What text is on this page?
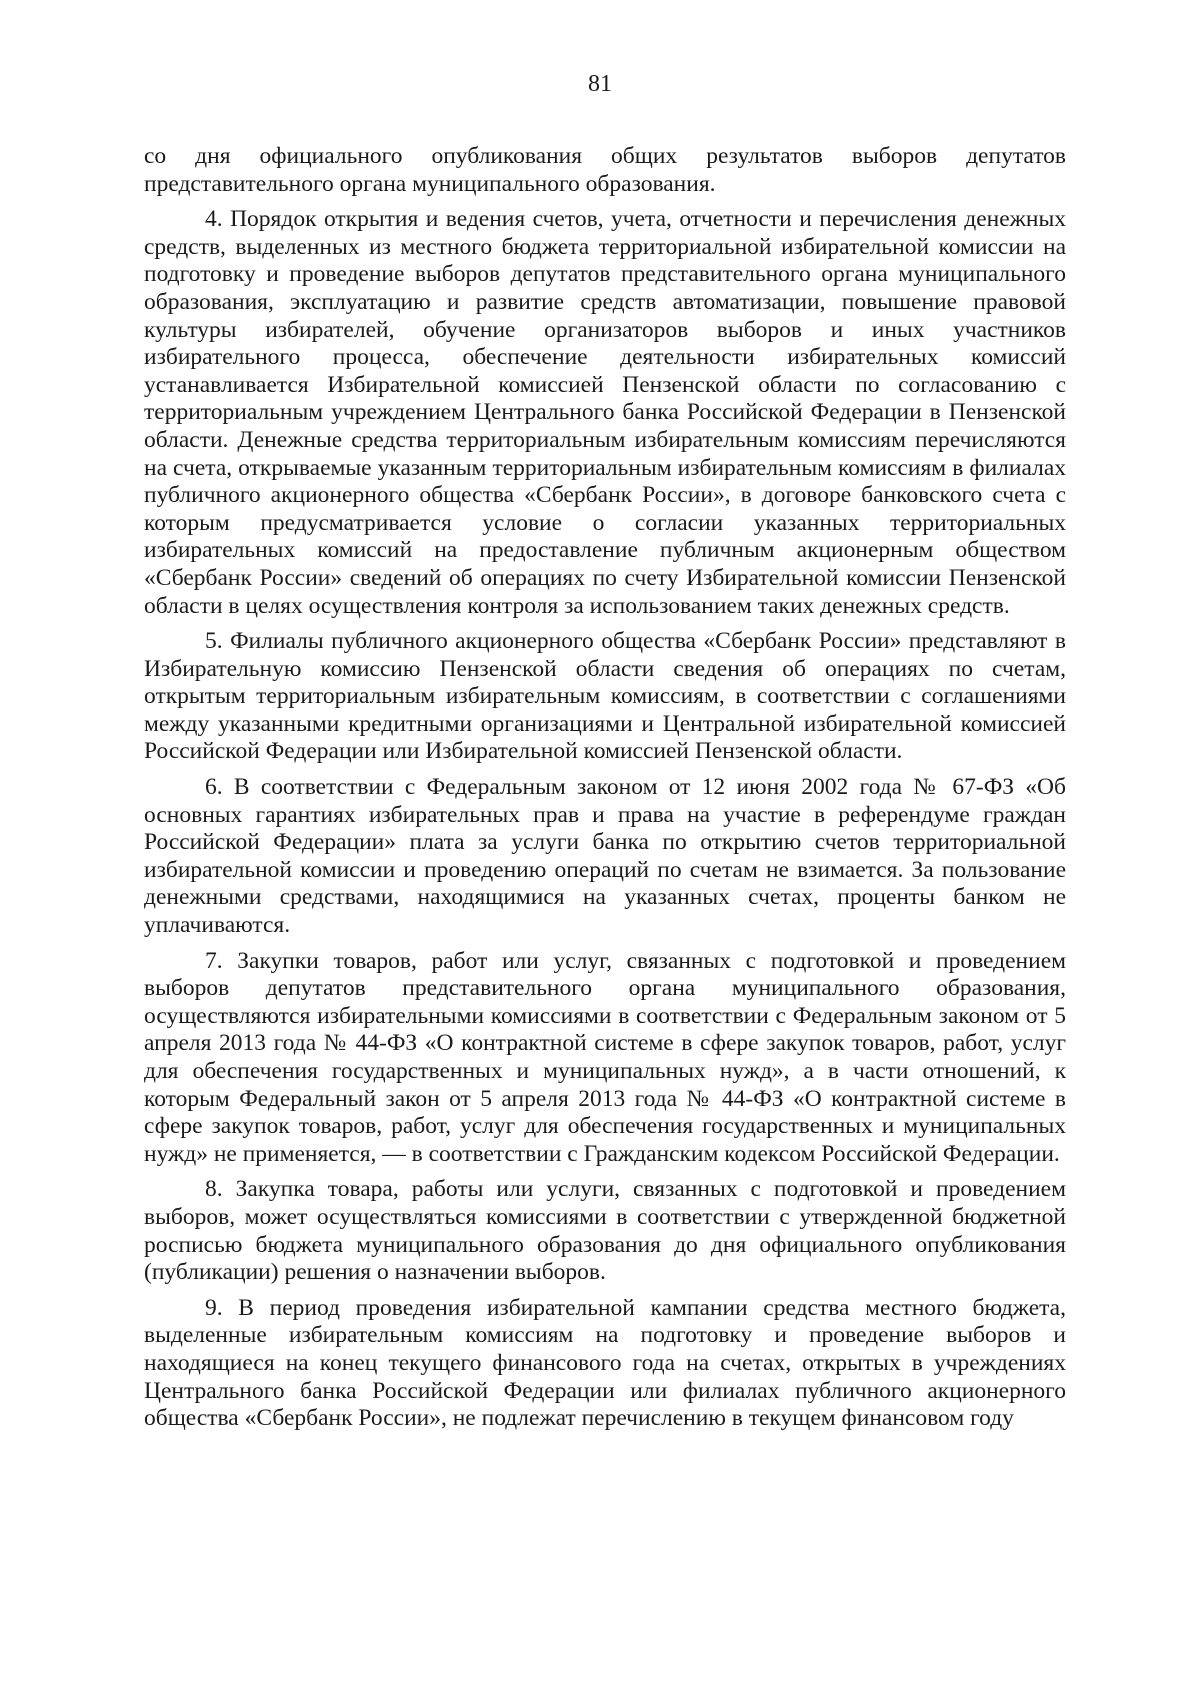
81

со дня официального опубликования общих результатов выборов депутатов представительного органа муниципального образования.

4. Порядок открытия и ведения счетов, учета, отчетности и перечисления денежных средств, выделенных из местного бюджета территориальной избирательной комиссии на подготовку и проведение выборов депутатов представительного органа муниципального образования, эксплуатацию и развитие средств автоматизации, повышение правовой культуры избирателей, обучение организаторов выборов и иных участников избирательного процесса, обеспечение деятельности избирательных комиссий устанавливается Избирательной комиссией Пензенской области по согласованию с территориальным учреждением Центрального банка Российской Федерации в Пензенской области. Денежные средства территориальным избирательным комиссиям перечисляются на счета, открываемые указанным территориальным избирательным комиссиям в филиалах публичного акционерного общества «Сбербанк России», в договоре банковского счета с которым предусматривается условие о согласии указанных территориальных избирательных комиссий на предоставление публичным акционерным обществом «Сбербанк России» сведений об операциях по счету Избирательной комиссии Пензенской области в целях осуществления контроля за использованием таких денежных средств.

5. Филиалы публичного акционерного общества «Сбербанк России» представляют в Избирательную комиссию Пензенской области сведения об операциях по счетам, открытым территориальным избирательным комиссиям, в соответствии с соглашениями между указанными кредитными организациями и Центральной избирательной комиссией Российской Федерации или Избирательной комиссией Пензенской области.

6. В соответствии с Федеральным законом от 12 июня 2002 года № 67-ФЗ «Об основных гарантиях избирательных прав и права на участие в референдуме граждан Российской Федерации» плата за услуги банка по открытию счетов территориальной избирательной комиссии и проведению операций по счетам не взимается. За пользование денежными средствами, находящимися на указанных счетах, проценты банком не уплачиваются.

7. Закупки товаров, работ или услуг, связанных с подготовкой и проведением выборов депутатов представительного органа муниципального образования, осуществляются избирательными комиссиями в соответствии с Федеральным законом от 5 апреля 2013 года № 44-ФЗ «О контрактной системе в сфере закупок товаров, работ, услуг для обеспечения государственных и муниципальных нужд», а в части отношений, к которым Федеральный закон от 5 апреля 2013 года № 44-ФЗ «О контрактной системе в сфере закупок товаров, работ, услуг для обеспечения государственных и муниципальных нужд» не применяется, — в соответствии с Гражданским кодексом Российской Федерации.

8. Закупка товара, работы или услуги, связанных с подготовкой и проведением выборов, может осуществляться комиссиями в соответствии с утвержденной бюджетной росписью бюджета муниципального образования до дня официального опубликования (публикации) решения о назначении выборов.

9. В период проведения избирательной кампании средства местного бюджета, выделенные избирательным комиссиям на подготовку и проведение выборов и находящиеся на конец текущего финансового года на счетах, открытых в учреждениях Центрального банка Российской Федерации или филиалах публичного акционерного общества «Сбербанк России», не подлежат перечислению в текущем финансовом году
